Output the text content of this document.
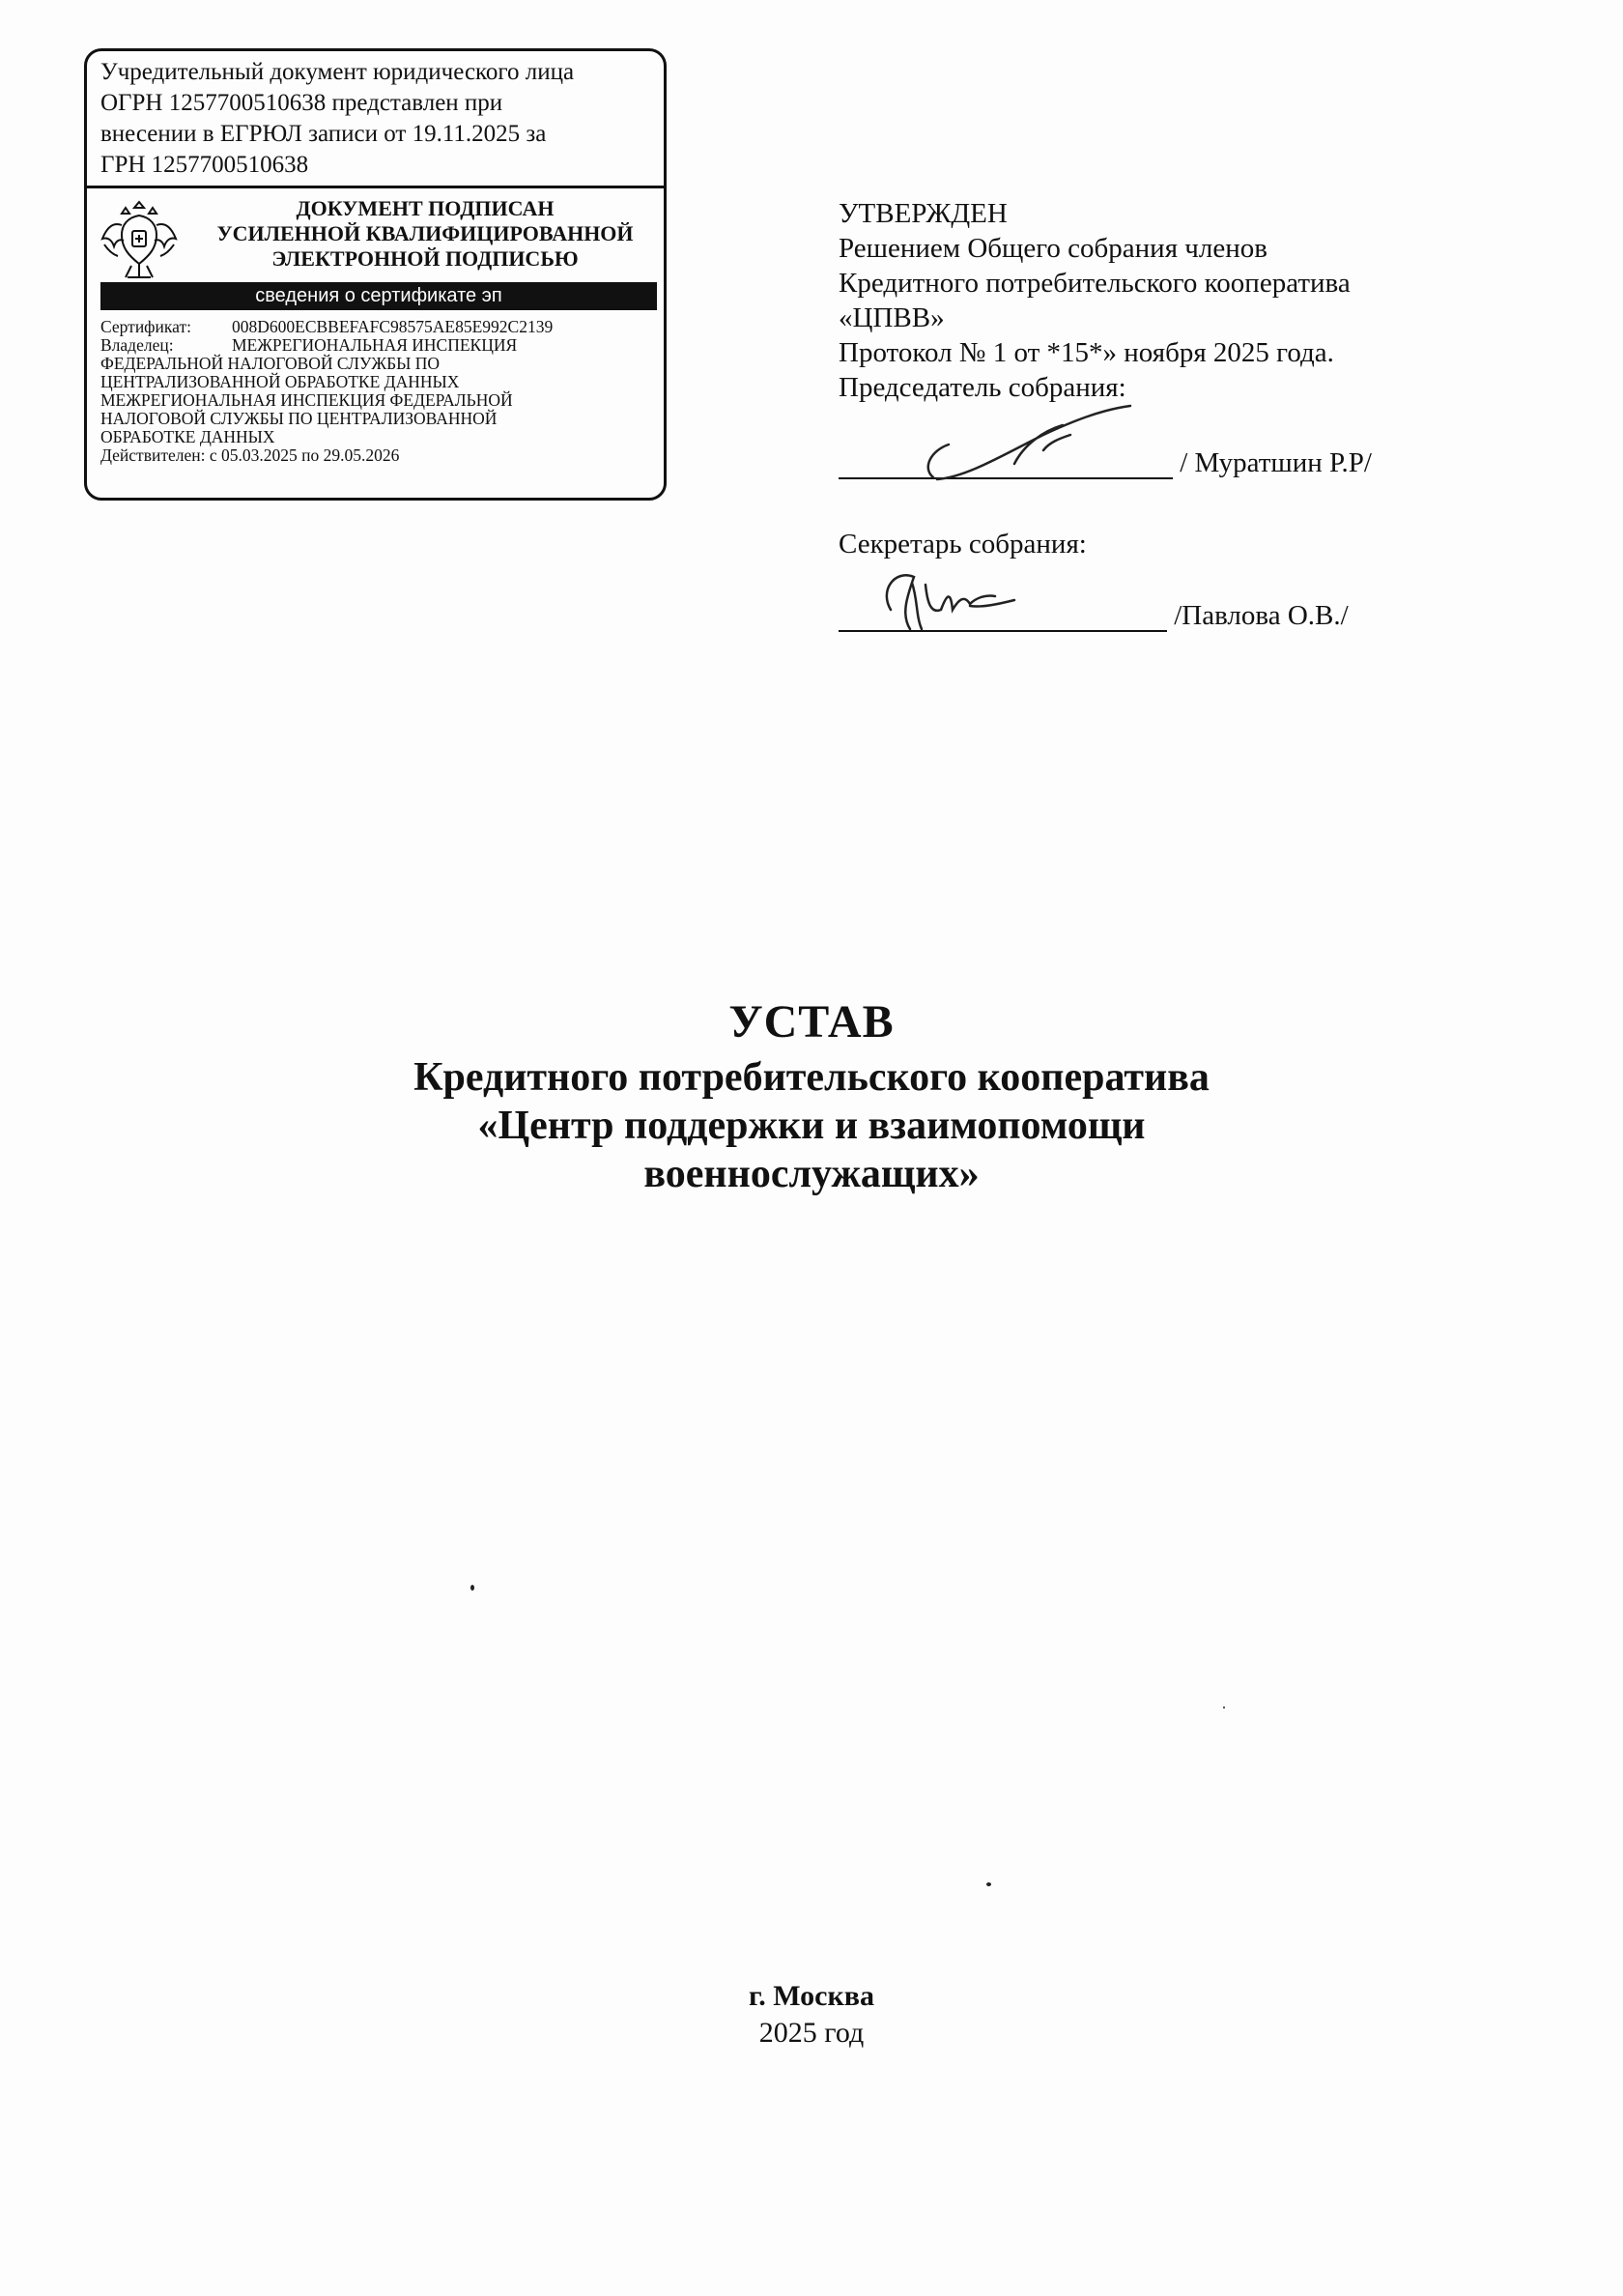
Учредительный документ юридического лица
ОГРН 1257700510638 представлен при
внесении в ЕГРЮЛ записи от 19.11.2025 за
ГРН 1257700510638
ДОКУМЕНТ ПОДПИСАН
УСИЛЕННОЙ КВАЛИФИЦИРОВАННОЙ
ЭЛЕКТРОННОЙ ПОДПИСЬЮ
сведения о сертификате эп
Сертификат: 008D600ECBBEFAFC98575AE85E992C2139
Владелец:	МЕЖРЕГИОНАЛЬНАЯ ИНСПЕКЦИЯ
ФЕДЕРАЛЬНОЙ НАЛОГОВОЙ СЛУЖБЫ ПО
ЦЕНТРАЛИЗОВАННОЙ ОБРАБОТКЕ ДАННЫХ
МЕЖРЕГИОНАЛЬНАЯ ИНСПЕКЦИЯ ФЕДЕРАЛЬНОЙ
НАЛОГОВОЙ СЛУЖБЫ ПО ЦЕНТРАЛИЗОВАННОЙ
ОБРАБОТКЕ ДАННЫХ
Действителен: с 05.03.2025 по 29.05.2026
УТВЕРЖДЕН
Решением Общего собрания членов
Кредитного потребительского кооператива
«ЦПВВ»
Протокол № 1 от *15*» ноября 2025 года.
Председатель собрания:
/ Муратшин Р.Р/
Секретарь собрания:
/Павлова О.В./
УСТАВ
Кредитного потребительского кооператива
«Центр поддержки и взаимопомощи
военнослужащих»
г. Москва
2025 год
